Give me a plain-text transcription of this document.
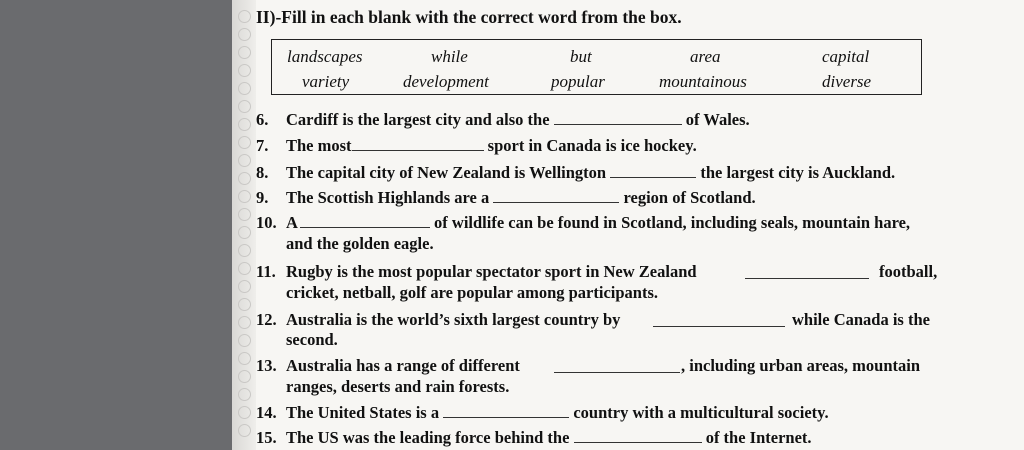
II)-Fill in each blank with the correct word from the box.
landscapes	while	but	area	capital
variety	development	popular	mountainous	diverse
6. Cardiff is the largest city and also the	of Wales.
7. The most	sport in Canada is ice hockey.
8. The capital city of New Zealand is Wellington	the largest city is Auckland.
9. The Scottish Highlands are a	region of Scotland.
10. A	of wildlife can be found in Scotland, including seals, mountain hare,
and the golden eagle.
11. Rugby is the most popular spectator sport in New Zealand	football,
cricket, netball, golf are popular among participants.
12. Australia is the world’s sixth largest country by	while Canada is the
second.
13. Australia has a range of different	, including urban areas, mountain
ranges, deserts and rain forests.
14. The United States is a	country with a multicultural society.
15. The US was the leading force behind the	of the Internet.
